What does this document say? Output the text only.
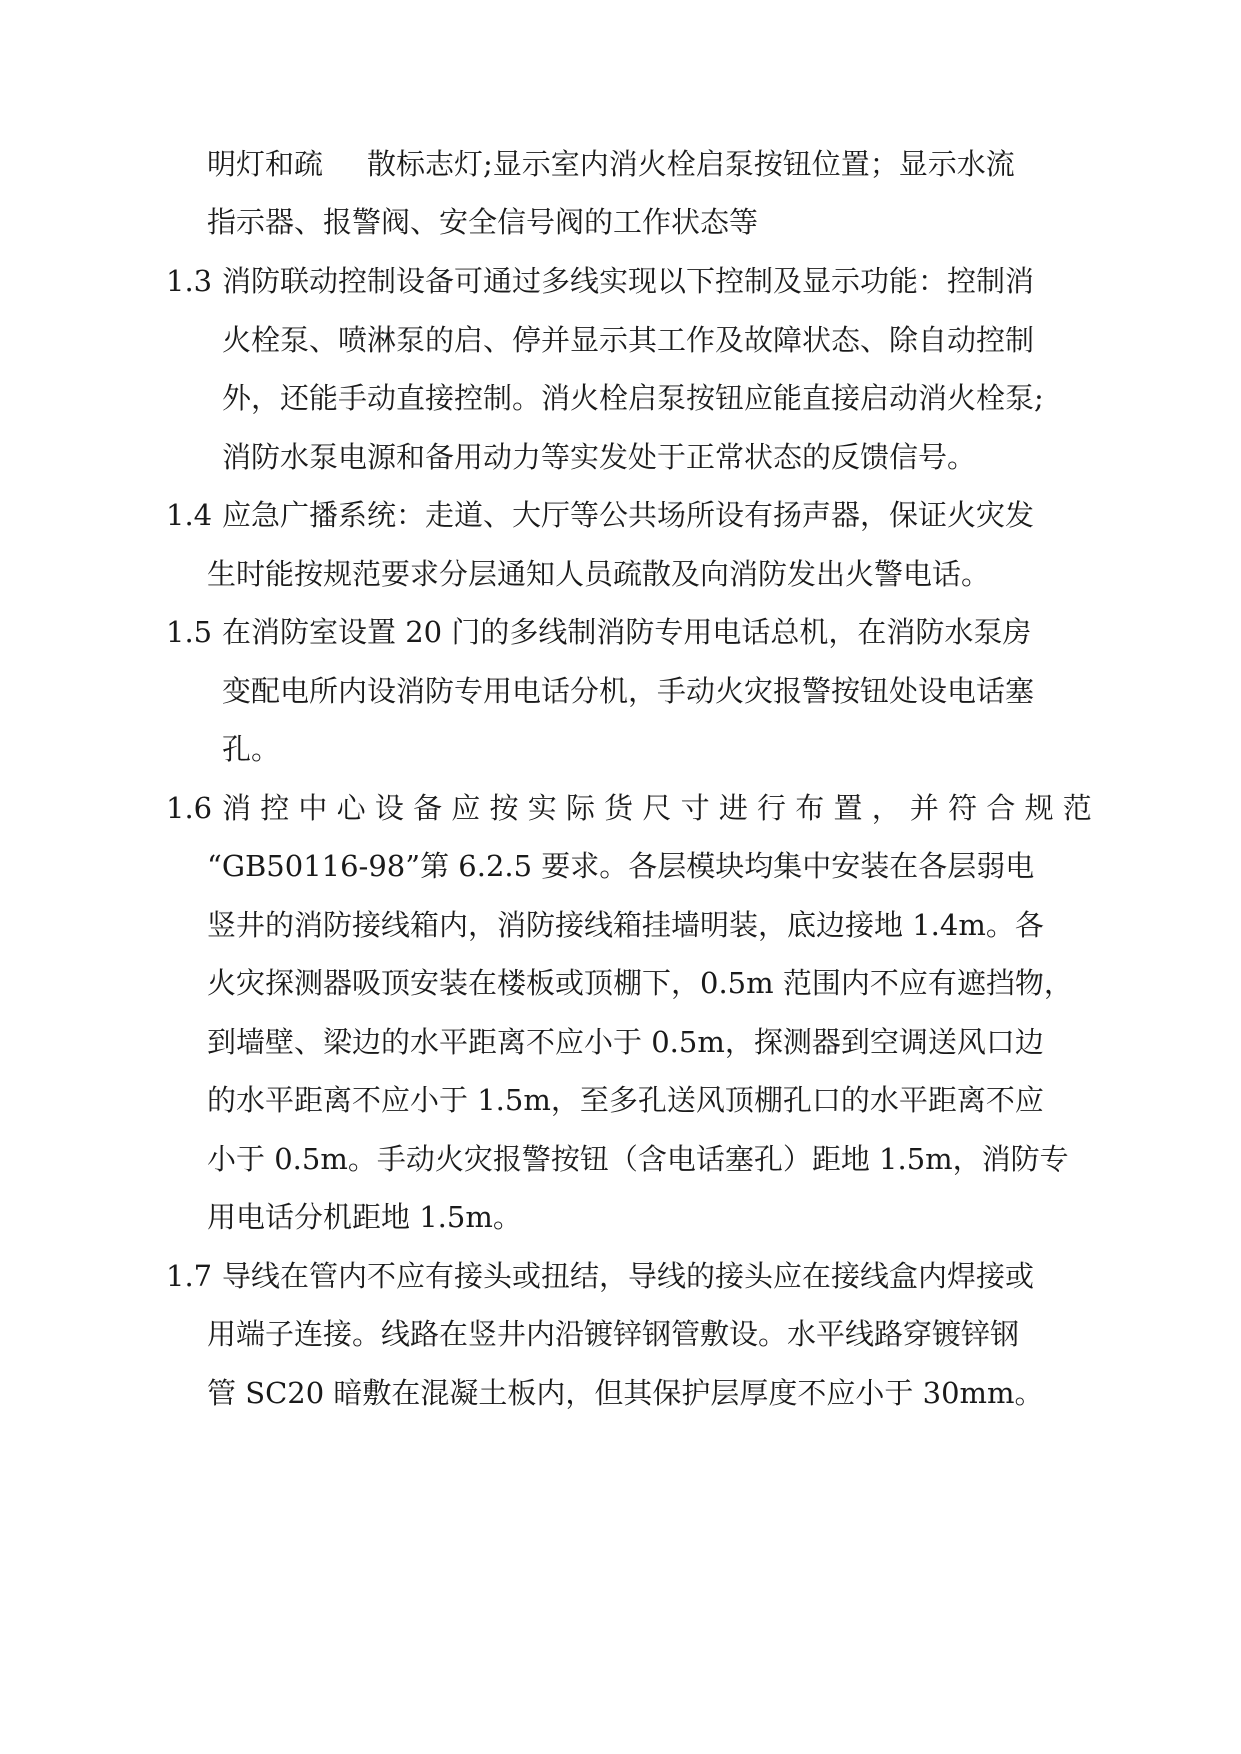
明灯和疏 散标志灯;显示室内消火栓启泵按钮位置；显示水流
指示器、报警阀、安全信号阀的工作状态等
1.3 消防联动控制设备可通过多线实现以下控制及显示功能：控制消
火栓泵、喷淋泵的启、停并显示其工作及故障状态、除自动控制
外，还能手动直接控制。消火栓启泵按钮应能直接启动消火栓泵;
消防水泵电源和备用动力等实发处于正常状态的反馈信号。
1.4 应急广播系统：走道、大厅等公共场所设有扬声器，保证火灾发
生时能按规范要求分层通知人员疏散及向消防发出火警电话。
1.5 在消防室设置 20 门的多线制消防专用电话总机，在消防水泵房
变配电所内设消防专用电话分机，手动火灾报警按钮处设电话塞
孔。
1.6 消 控 中 心 设 备 应 按 实 际 货 尺 寸 进 行 布 置 ， 并 符 合 规 范
“GB50116-98”第 6.2.5 要求。各层模块均集中安装在各层弱电
竖井的消防接线箱内，消防接线箱挂墙明装，底边接地 1.4m。各
火灾探测器吸顶安装在楼板或顶棚下，0.5m 范围内不应有遮挡物，
到墙壁、梁边的水平距离不应小于 0.5m，探测器到空调送风口边
的水平距离不应小于 1.5m，至多孔送风顶棚孔口的水平距离不应
小于 0.5m。手动火灾报警按钮（含电话塞孔）距地 1.5m，消防专
用电话分机距地 1.5m。
1.7 导线在管内不应有接头或扭结，导线的接头应在接线盒内焊接或
用端子连接。线路在竖井内沿镀锌钢管敷设。水平线路穿镀锌钢
管 SC20 暗敷在混凝土板内，但其保护层厚度不应小于 30mm。
